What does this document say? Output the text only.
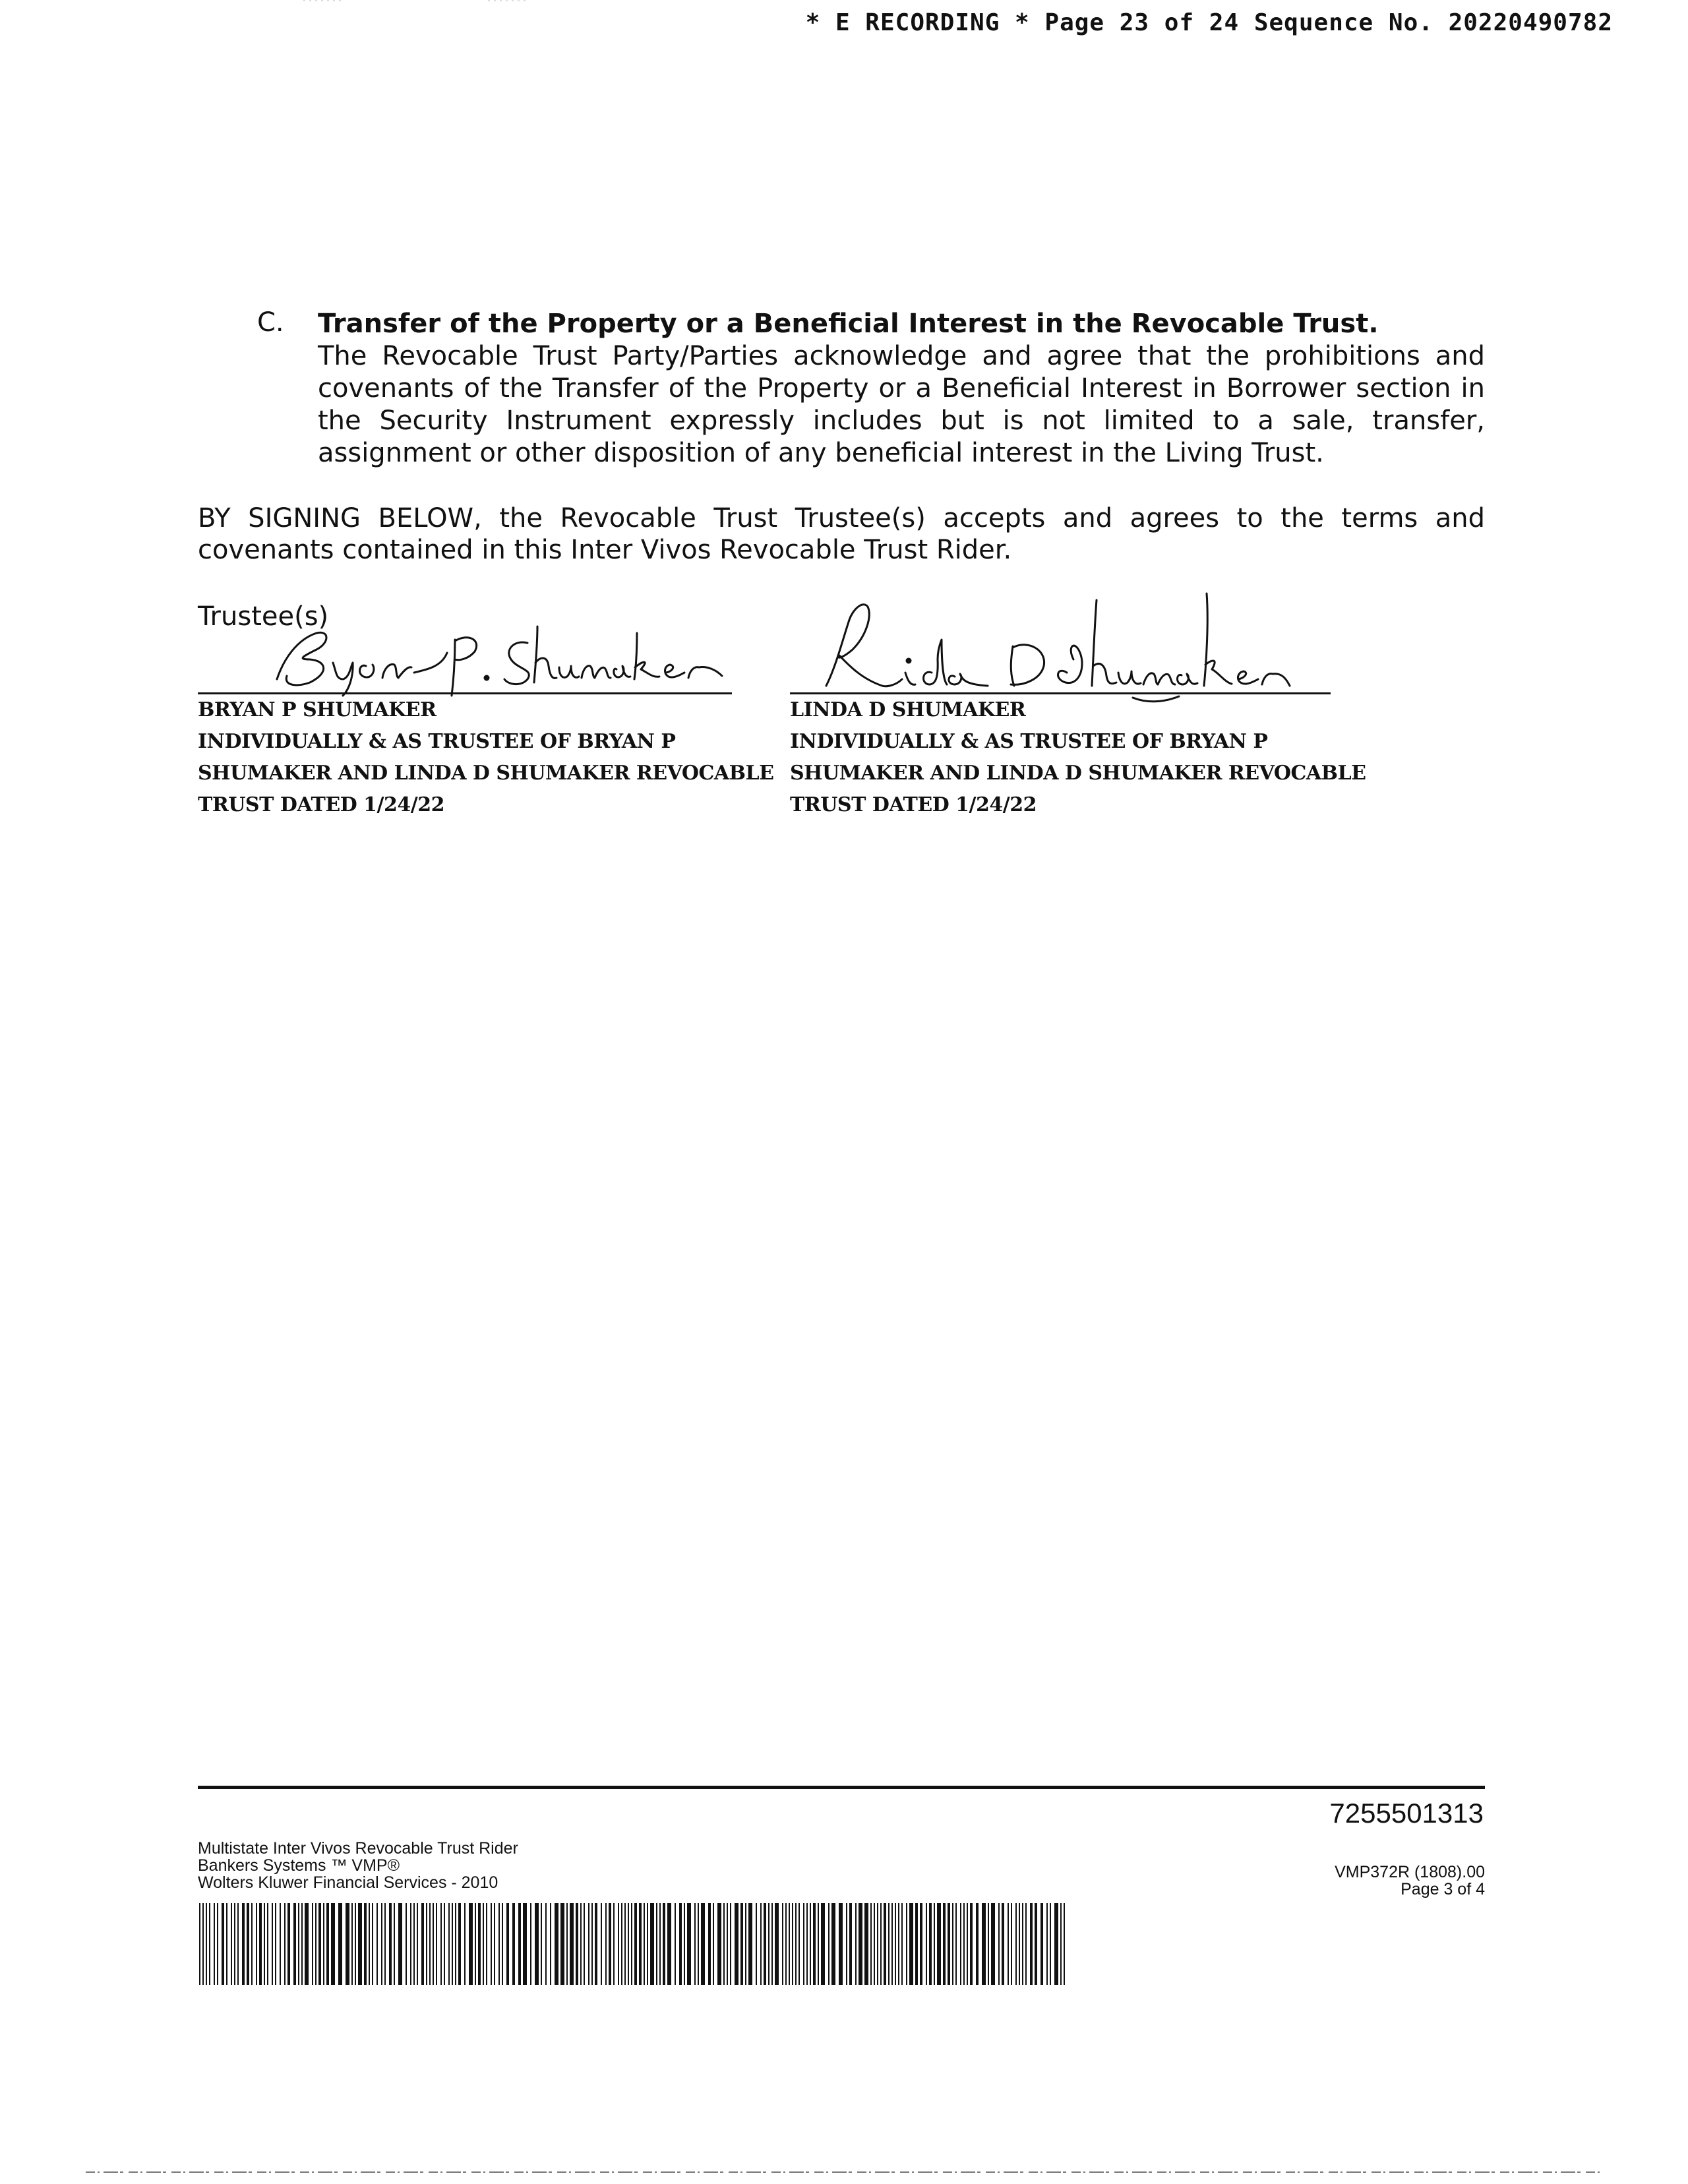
* E RECORDING * Page 23 of 24 Sequence No. 20220490782
C. Transfer of the Property or a Beneficial Interest in the Revocable Trust.

The Revocable Trust Party/Parties acknowledge and agree that the prohibitions and covenants of the Transfer of the Property or a Beneficial Interest in Borrower section in the Security Instrument expressly includes but is not limited to a sale, transfer, assignment or other disposition of any beneficial interest in the Living Trust.

BY SIGNING BELOW, the Revocable Trust Trustee(s) accepts and agrees to the terms and covenants contained in this Inter Vivos Revocable Trust Rider.

Trustee(s)
BRYAN P SHUMAKER
INDIVIDUALLY & AS TRUSTEE OF BRYAN P
SHUMAKER AND LINDA D SHUMAKER REVOCABLE
TRUST DATED 1/24/22
LINDA D SHUMAKER
INDIVIDUALLY & AS TRUSTEE OF BRYAN P
SHUMAKER AND LINDA D SHUMAKER REVOCABLE
TRUST DATED 1/24/22
7255501313
Multistate Inter Vivos Revocable Trust Rider
Bankers Systems ™ VMP®
Wolters Kluwer Financial Services - 2010
VMP372R (1808).00
Page 3 of 4
